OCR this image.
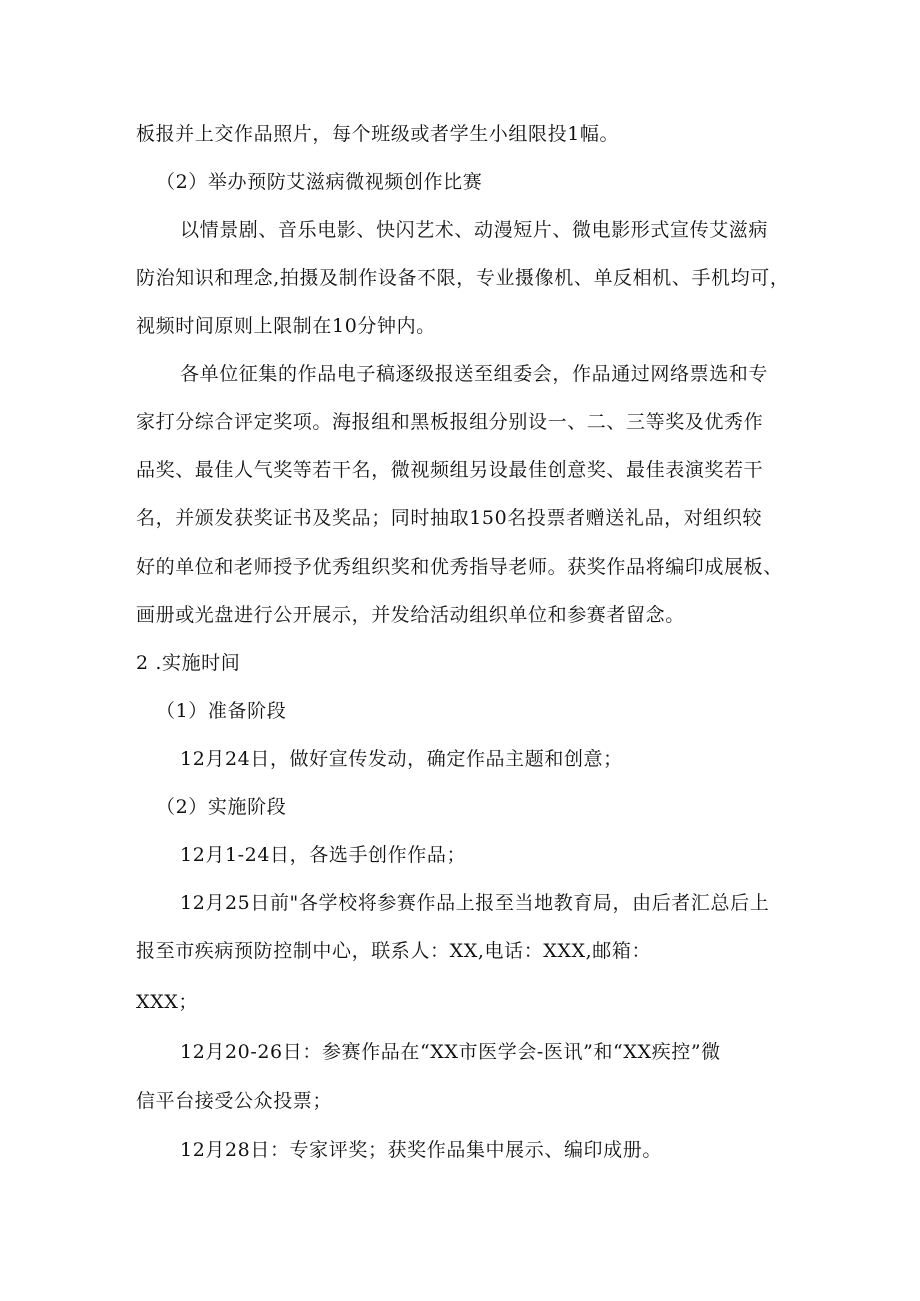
板报并上交作品照片，每个班级或者学生小组限投1幅。
（2）举办预防艾滋病微视频创作比赛
以情景剧、音乐电影、快闪艺术、动漫短片、微电影形式宣传艾滋病
防治知识和理念,拍摄及制作设备不限，专业摄像机、单反相机、手机均可，
视频时间原则上限制在10分钟内。
各单位征集的作品电子稿逐级报送至组委会，作品通过网络票选和专
家打分综合评定奖项。海报组和黑板报组分别设一、二、三等奖及优秀作
品奖、最佳人气奖等若干名，微视频组另设最佳创意奖、最佳表演奖若干
名，并颁发获奖证书及奖品；同时抽取150名投票者赠送礼品，对组织较
好的单位和老师授予优秀组织奖和优秀指导老师。获奖作品将编印成展板、
画册或光盘进行公开展示，并发给活动组织单位和参赛者留念。
2 .实施时间
（1）准备阶段
12月24日，做好宣传发动，确定作品主题和创意；
（2）实施阶段
12月1-24日，各选手创作作品；
12月25日前"各学校将参赛作品上报至当地教育局，由后者汇总后上
报至市疾病预防控制中心，联系人：XX,电话：XXX,邮箱：
XXX；
12月20-26日：参赛作品在“XX市医学会-医讯”和“XX疾控”微
信平台接受公众投票；
12月28日：专家评奖；获奖作品集中展示、编印成册。
